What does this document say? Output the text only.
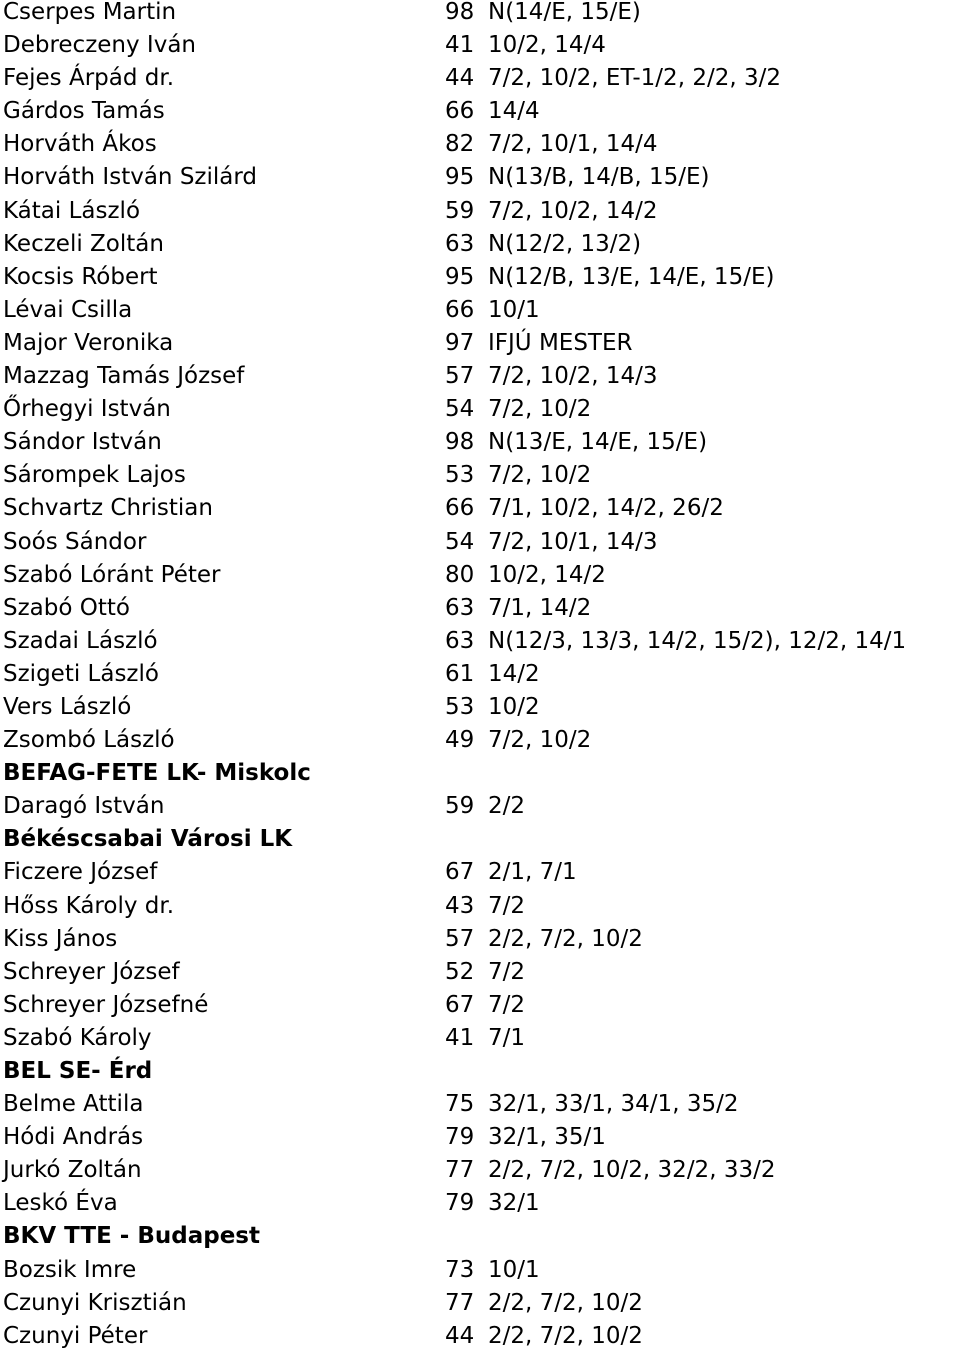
Cserpes Martin	98 N(14/E, 15/E)
Debreczeny Iván	41 10/2, 14/4
Fejes Árpád dr.	44 7/2, 10/2, ET-1/2, 2/2, 3/2
Gárdos Tamás	66 14/4
Horváth Ákos	82 7/2, 10/1, 14/4
Horváth István Szilárd	95 N(13/B, 14/B, 15/E)
Kátai László	59 7/2, 10/2, 14/2
Keczeli Zoltán	63 N(12/2, 13/2)
Kocsis Róbert	95 N(12/B, 13/E, 14/E, 15/E)
Lévai Csilla	66 10/1
Major Veronika	97 IFJÚ MESTER
Mazzag Tamás József	57 7/2, 10/2, 14/3
Őrhegyi István	54 7/2, 10/2
Sándor István	98 N(13/E, 14/E, 15/E)
Sárompek Lajos	53 7/2, 10/2
Schvartz Christian	66 7/1, 10/2, 14/2, 26/2
Soós Sándor	54 7/2, 10/1, 14/3
Szabó Lóránt Péter	80 10/2, 14/2
Szabó Ottó	63 7/1, 14/2
Szadai László	63 N(12/3, 13/3, 14/2, 15/2), 12/2, 14/1
Szigeti László	61 14/2
Vers László	53 10/2
Zsombó László	49 7/2, 10/2
BEFAG-FETE LK- Miskolc
Daragó István	59 2/2
Békéscsabai Városi LK
Ficzere József	67 2/1, 7/1
Hőss Károly dr.	43 7/2
Kiss János	57 2/2, 7/2, 10/2
Schreyer József	52 7/2
Schreyer Józsefné	67 7/2
Szabó Károly	41 7/1
BEL SE- Érd
Belme Attila	75 32/1, 33/1, 34/1, 35/2
Hódi András	79 32/1, 35/1
Jurkó Zoltán	77 2/2, 7/2, 10/2, 32/2, 33/2
Leskó Éva	79 32/1
BKV TTE - Budapest
Bozsik Imre	73 10/1
Czunyi Krisztián	77 2/2, 7/2, 10/2
Czunyi Péter	44 2/2, 7/2, 10/2
